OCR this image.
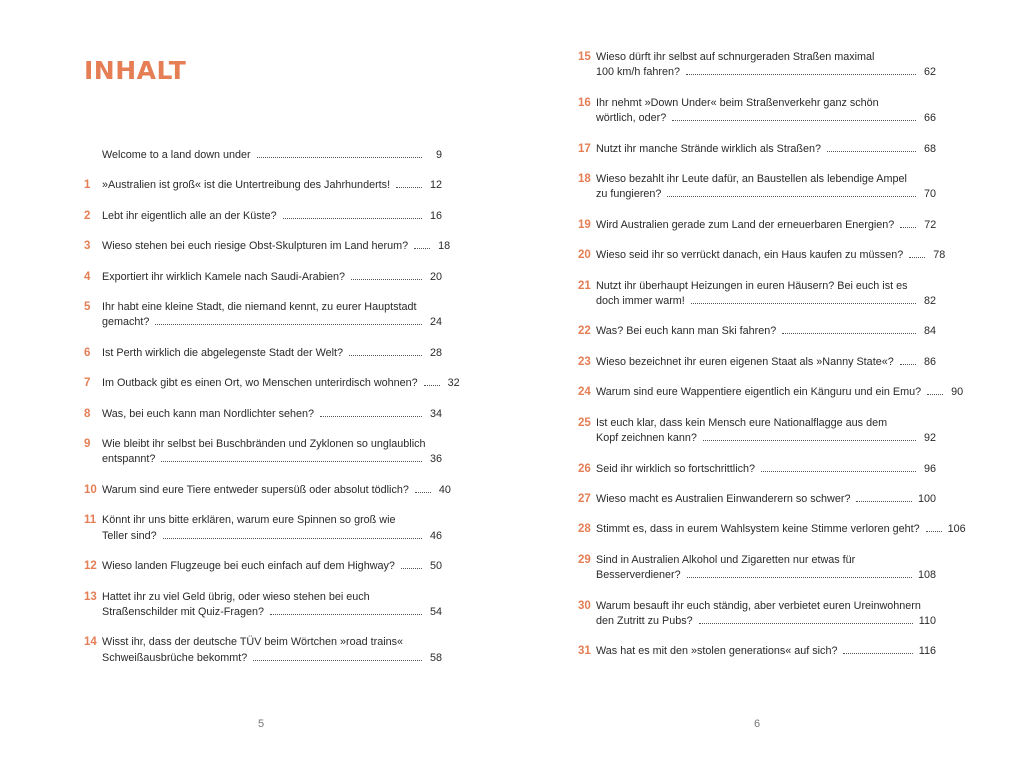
INHALT
Welcome to a land down under	9
1	»Australien ist groß« ist die Untertreibung des Jahrhunderts!	12
2	Lebt ihr eigentlich alle an der Küste?	16
3	Wieso stehen bei euch riesige Obst-Skulpturen im Land herum?	18
4	Exportiert ihr wirklich Kamele nach Saudi-Arabien?	20
5	Ihr habt eine kleine Stadt, die niemand kennt, zu eurer Hauptstadt
gemacht?	24
6	Ist Perth wirklich die abgelegenste Stadt der Welt?	28
7	Im Outback gibt es einen Ort, wo Menschen unterirdisch wohnen?	32
8	Was, bei euch kann man Nordlichter sehen?	34
9	Wie bleibt ihr selbst bei Buschbränden und Zyklonen so unglaublich
entspannt?	36
10 Warum sind eure Tiere entweder supersüß oder absolut tödlich?	40
11 Könnt ihr uns bitte erklären, warum eure Spinnen so groß wie
Teller sind?	46
12 Wieso landen Flugzeuge bei euch einfach auf dem Highway?	50
13 Hattet ihr zu viel Geld übrig, oder wieso stehen bei euch
Straßenschilder mit Quiz-Fragen?	54
14 Wisst ihr, dass der deutsche TÜV beim Wörtchen »road trains«
Schweißausbrüche bekommt?	58
5
15 Wieso dürft ihr selbst auf schnurgeraden Straßen maximal
100 km/h fahren?	62
16 Ihr nehmt »Down Under« beim Straßenverkehr ganz schön
wörtlich, oder?	66
17 Nutzt ihr manche Strände wirklich als Straßen?	68
18 Wieso bezahlt ihr Leute dafür, an Baustellen als lebendige Ampel
zu fungieren?	70
19 Wird Australien gerade zum Land der erneuerbaren Energien?	72
20 Wieso seid ihr so verrückt danach, ein Haus kaufen zu müssen?	78
21 Nutzt ihr überhaupt Heizungen in euren Häusern? Bei euch ist es
doch immer warm!	82
22 Was? Bei euch kann man Ski fahren?	84
23 Wieso bezeichnet ihr euren eigenen Staat als »Nanny State«?	86
24 Warum sind eure Wappentiere eigentlich ein Känguru und ein Emu?	90
25 Ist euch klar, dass kein Mensch eure Nationalflagge aus dem
Kopf zeichnen kann?	92
26 Seid ihr wirklich so fortschrittlich?	96
27 Wieso macht es Australien Einwanderern so schwer?	100
28 Stimmt es, dass in eurem Wahlsystem keine Stimme verloren geht?	106
29 Sind in Australien Alkohol und Zigaretten nur etwas für
Besserverdiener?	108
30 Warum besauft ihr euch ständig, aber verbietet euren Ureinwohnern
den Zutritt zu Pubs?	110
31 Was hat es mit den »stolen generations« auf sich?	116
6
